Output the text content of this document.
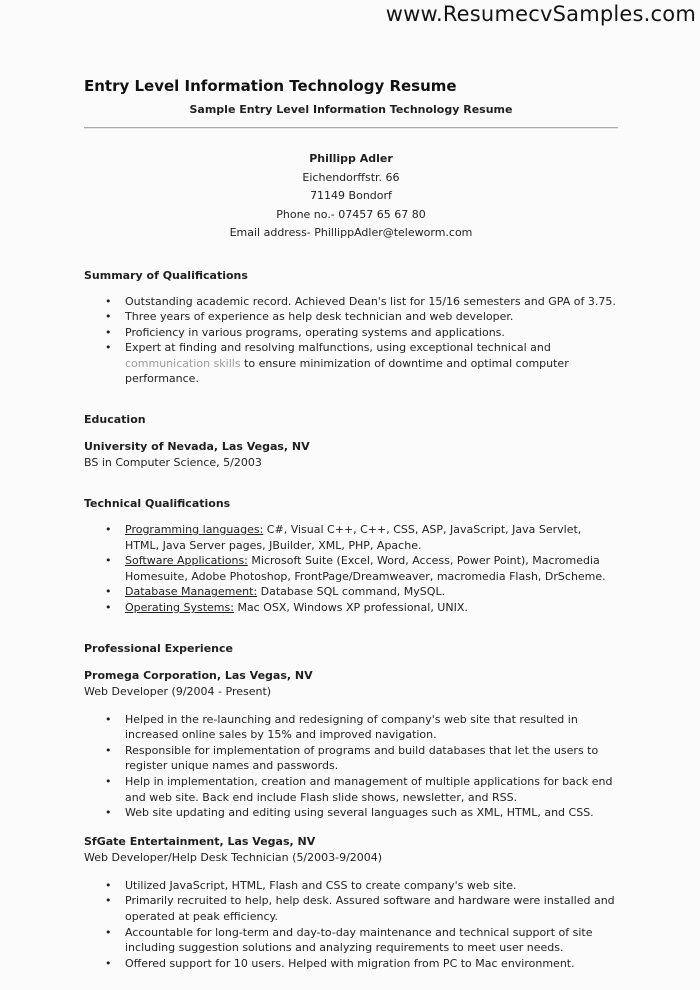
www.ResumecvSamples.com
Entry Level Information Technology Resume
Sample Entry Level Information Technology Resume
Phillipp Adler
Eichendorffstr. 66
71149 Bondorf
Phone no.- 07457 65 67 80
Email address- PhillippAdler@teleworm.com
Summary of Qualifications
• Outstanding academic record. Achieved Dean's list for 15/16 semesters and GPA of 3.75.
• Three years of experience as help desk technician and web developer.
• Proficiency in various programs, operating systems and applications.
• Expert at finding and resolving malfunctions, using exceptional technical and communication skills to ensure minimization of downtime and optimal computer performance.
Education
University of Nevada, Las Vegas, NV
BS in Computer Science, 5/2003
Technical Qualifications
• Programming languages: C#, Visual C++, C++, CSS, ASP, JavaScript, Java Servlet, HTML, Java Server pages, JBuilder, XML, PHP, Apache.
• Software Applications: Microsoft Suite (Excel, Word, Access, Power Point), Macromedia Homesuite, Adobe Photoshop, FrontPage/Dreamweaver, macromedia Flash, DrScheme.
• Database Management: Database SQL command, MySQL.
• Operating Systems: Mac OSX, Windows XP professional, UNIX.
Professional Experience
Promega Corporation, Las Vegas, NV
Web Developer (9/2004 - Present)
• Helped in the re-launching and redesigning of company's web site that resulted in increased online sales by 15% and improved navigation.
• Responsible for implementation of programs and build databases that let the users to register unique names and passwords.
• Help in implementation, creation and management of multiple applications for back end and web site. Back end include Flash slide shows, newsletter, and RSS.
• Web site updating and editing using several languages such as XML, HTML, and CSS.
SfGate Entertainment, Las Vegas, NV
Web Developer/Help Desk Technician (5/2003-9/2004)
• Utilized JavaScript, HTML, Flash and CSS to create company's web site.
• Primarily recruited to help, help desk. Assured software and hardware were installed and operated at peak efficiency.
• Accountable for long-term and day-to-day maintenance and technical support of site including suggestion solutions and analyzing requirements to meet user needs.
• Offered support for 10 users. Helped with migration from PC to Mac environment.
